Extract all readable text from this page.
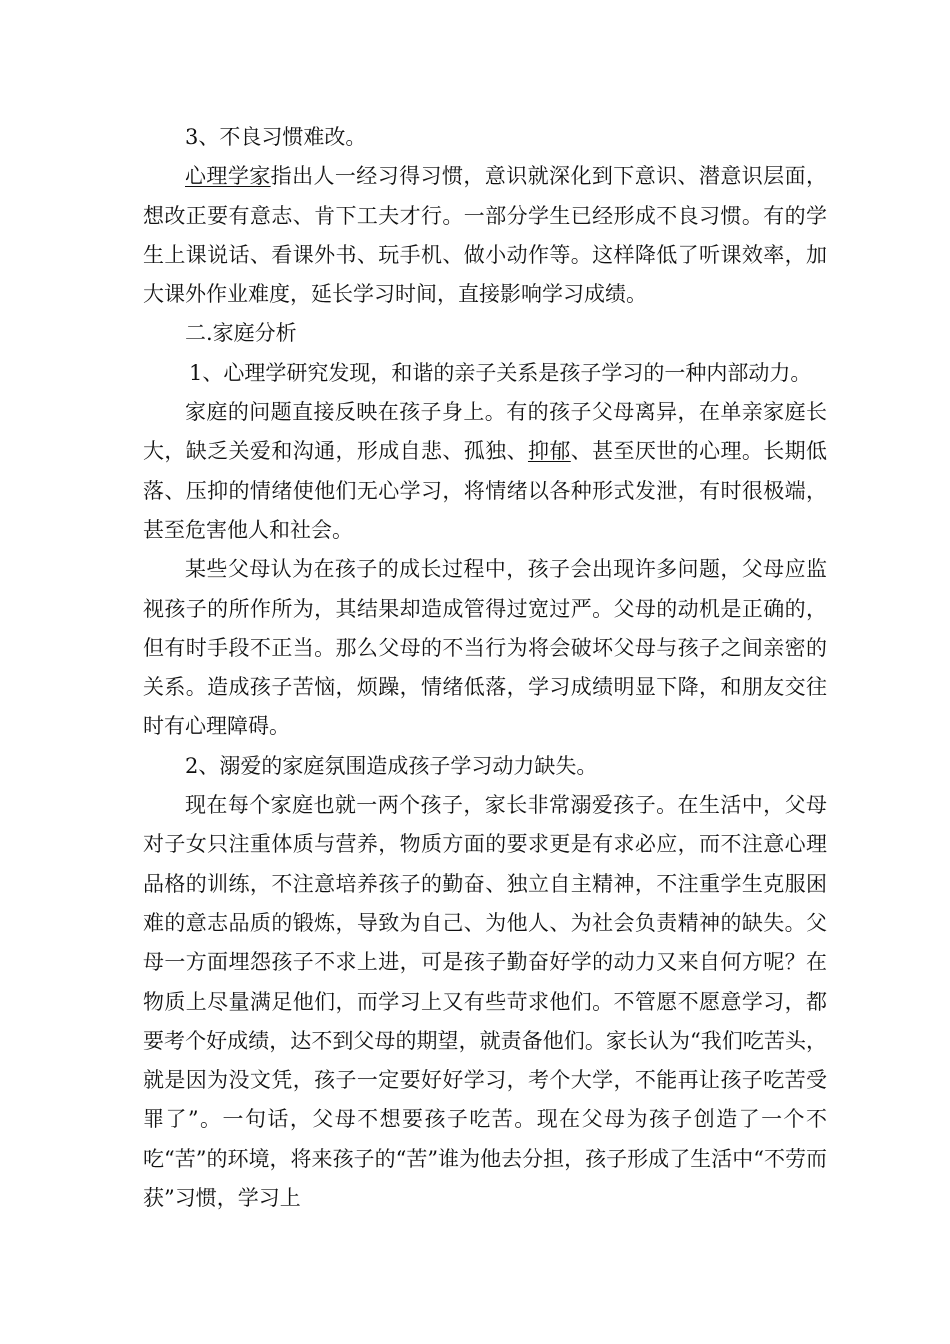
3、不良习惯难改。

心理学家指出人一经习得习惯，意识就深化到下意识、潜意识层面，想改正要有意志、肯下工夫才行。一部分学生已经形成不良习惯。有的学生上课说话、看课外书、玩手机、做小动作等。这样降低了听课效率，加大课外作业难度，延长学习时间，直接影响学习成绩。

二.家庭分析

1、心理学研究发现，和谐的亲子关系是孩子学习的一种内部动力。

家庭的问题直接反映在孩子身上。有的孩子父母离异，在单亲家庭长大，缺乏关爱和沟通，形成自悲、孤独、抑郁、甚至厌世的心理。长期低落、压抑的情绪使他们无心学习，将情绪以各种形式发泄，有时很极端，甚至危害他人和社会。

某些父母认为在孩子的成长过程中，孩子会出现许多问题，父母应监视孩子的所作所为，其结果却造成管得过宽过严。父母的动机是正确的，但有时手段不正当。那么父母的不当行为将会破坏父母与孩子之间亲密的关系。造成孩子苦恼，烦躁，情绪低落，学习成绩明显下降，和朋友交往时有心理障碍。

2、溺爱的家庭氛围造成孩子学习动力缺失。

现在每个家庭也就一两个孩子，家长非常溺爱孩子。在生活中，父母对子女只注重体质与营养，物质方面的要求更是有求必应，而不注意心理品格的训练，不注意培养孩子的勤奋、独立自主精神，不注重学生克服困难的意志品质的锻炼，导致为自己、为他人、为社会负责精神的缺失。父母一方面埋怨孩子不求上进，可是孩子勤奋好学的动力又来自何方呢？在物质上尽量满足他们，而学习上又有些苛求他们。不管愿不愿意学习，都要考个好成绩，达不到父母的期望，就责备他们。家长认为“我们吃苦头，就是因为没文凭，孩子一定要好好学习，考个大学，不能再让孩子吃苦受罪了”。一句话，父母不想要孩子吃苦。现在父母为孩子创造了一个不吃“苦”的环境，将来孩子的“苦”谁为他去分担，孩子形成了生活中“不劳而获”习惯，学习上
